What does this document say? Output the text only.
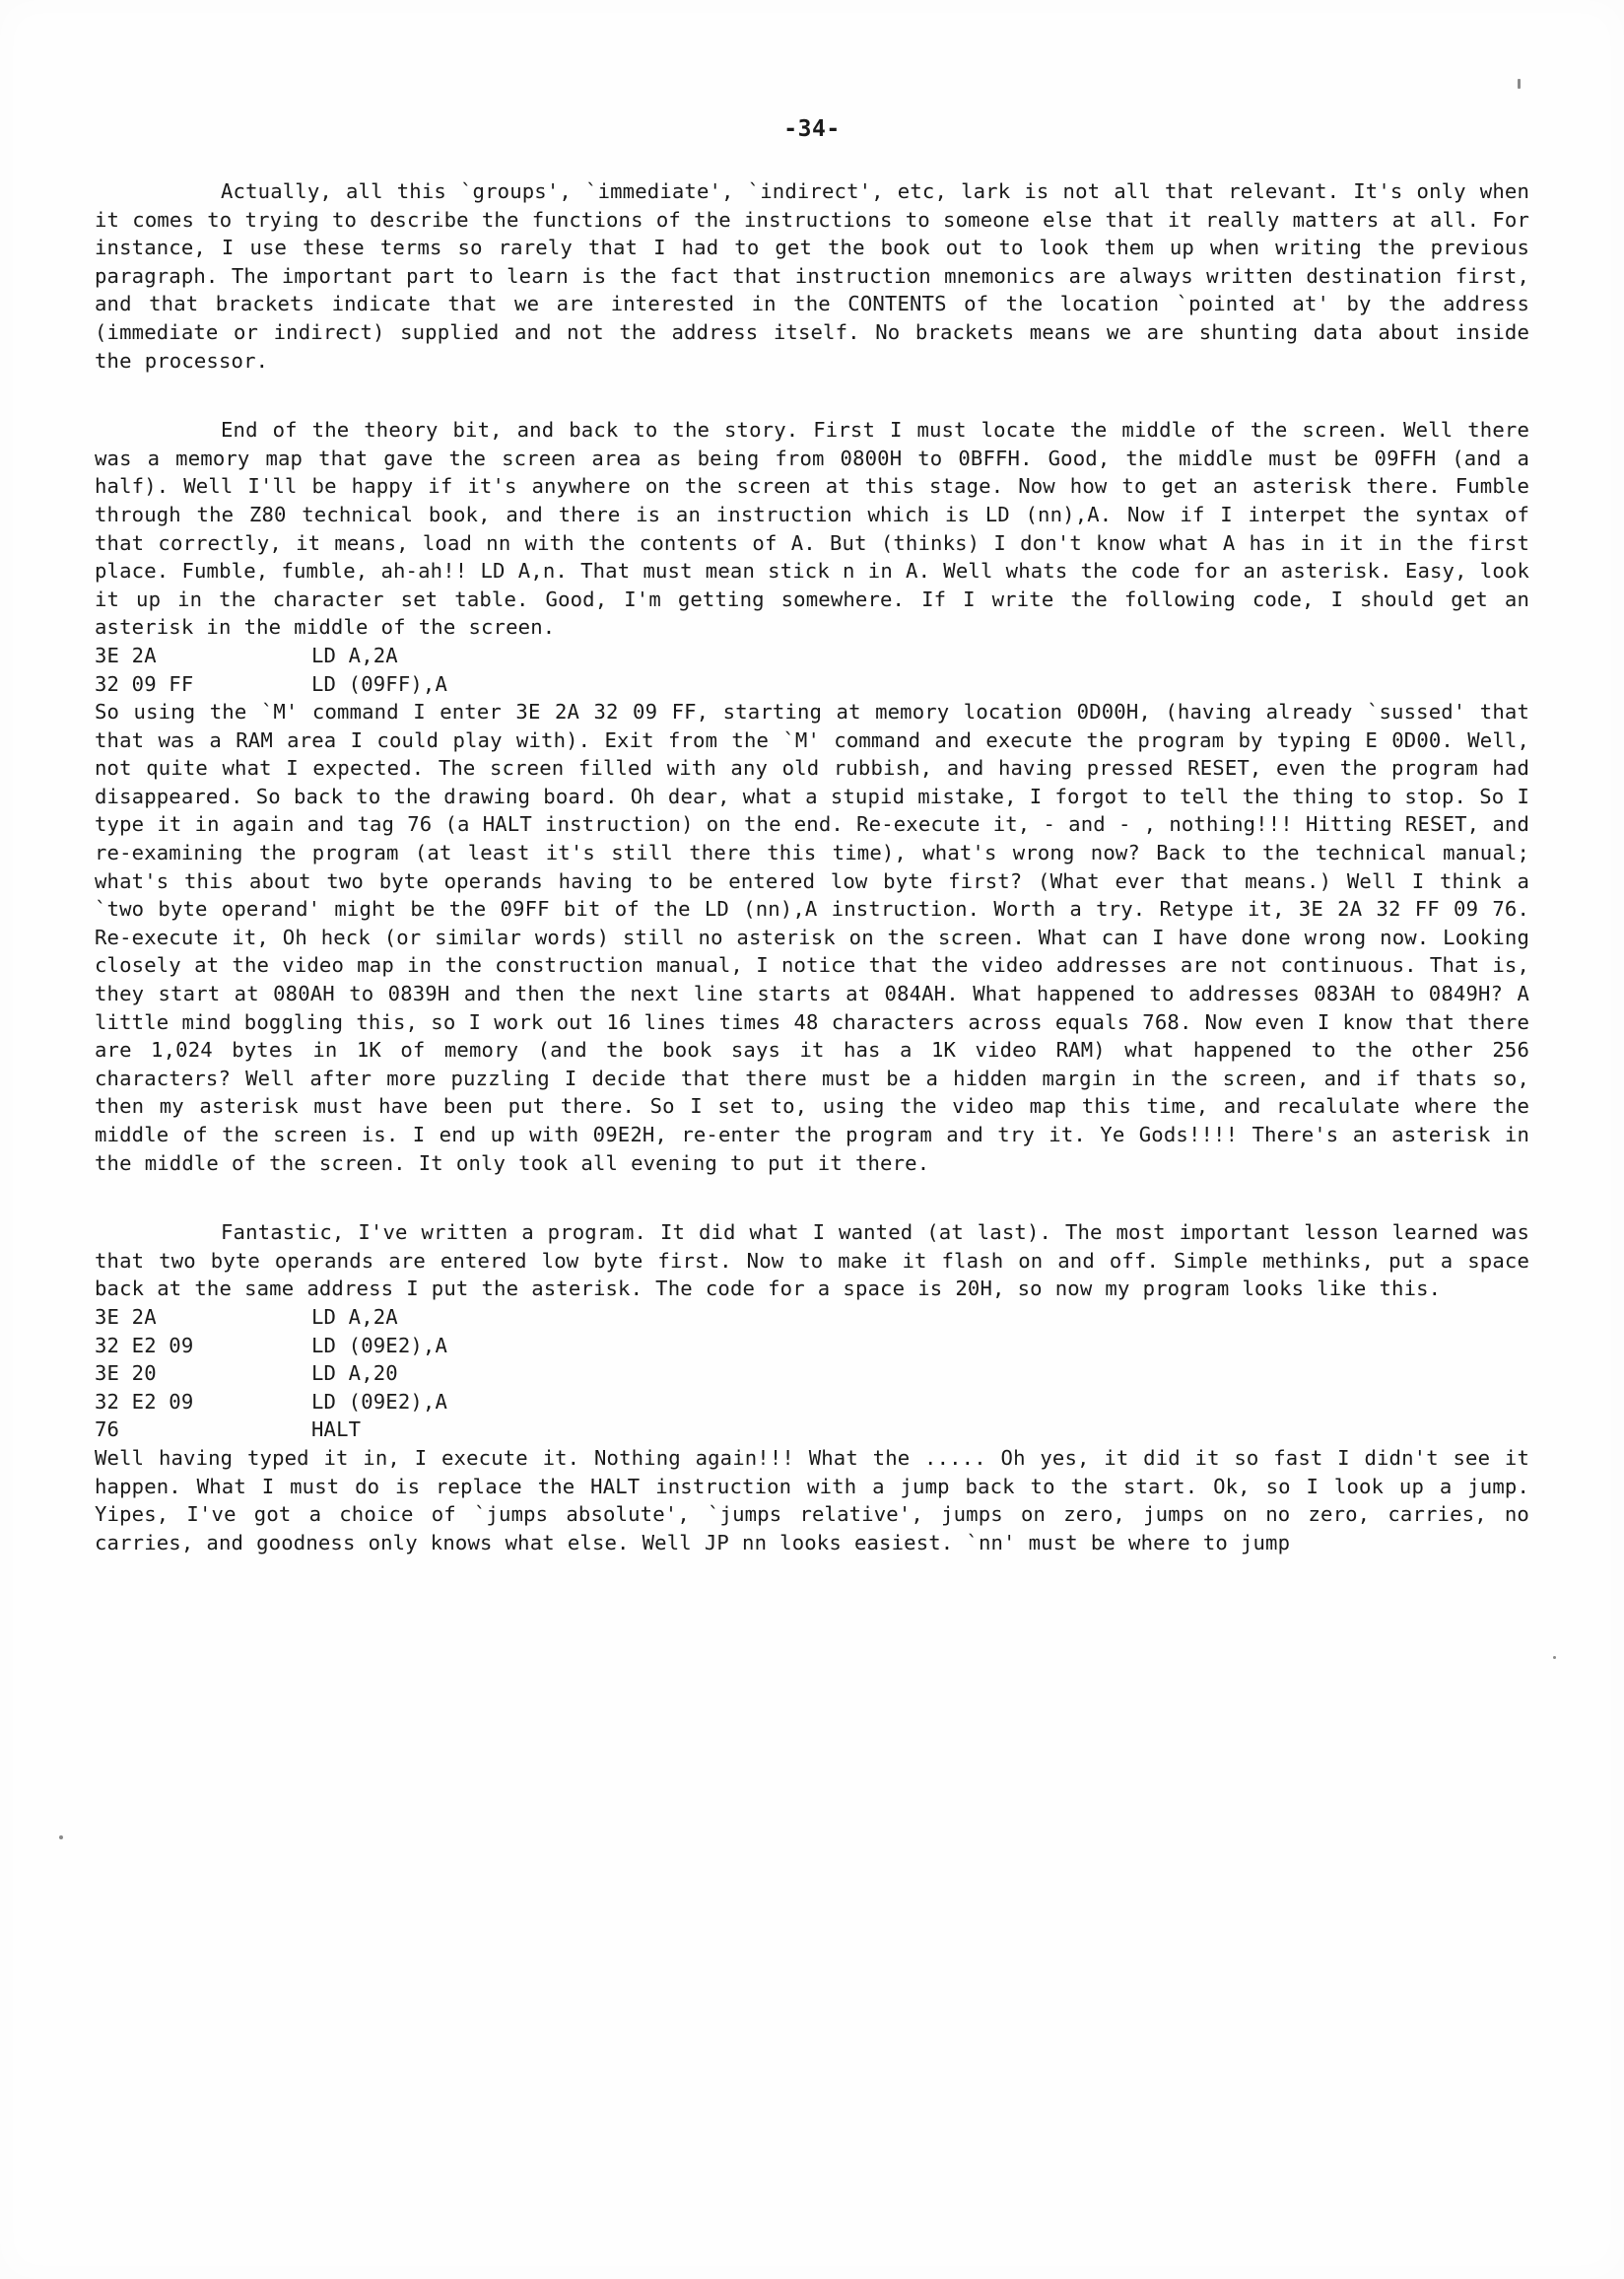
-34-

Actually, all this `groups', `immediate', `indirect', etc, lark is not all that relevant. It's only when it comes to trying to describe the functions of the instructions to someone else that it really matters at all. For instance, I use these terms so rarely that I had to get the book out to look them up when writing the previous paragraph. The important part to learn is the fact that instruction mnemonics are always written destination first, and that brackets indicate that we are interested in the CONTENTS of the location `pointed at' by the address (immediate or indirect) supplied and not the address itself. No brackets means we are shunting data about inside the processor.

End of the theory bit, and back to the story. First I must locate the middle of the screen. Well there was a memory map that gave the screen area as being from 0800H to 0BFFH. Good, the middle must be 09FFH (and a half). Well I'll be happy if it's anywhere on the screen at this stage. Now how to get an asterisk there. Fumble through the Z80 technical book, and there is an instruction which is LD (nn),A. Now if I interpet the syntax of that correctly, it means, load nn with the contents of A. But (thinks) I don't know what A has in it in the first place. Fumble, fumble, ah-ah!! LD A,n. That must mean stick n in A. Well whats the code for an asterisk. Easy, look it up in the character set table. Good, I'm getting somewhere. If I write the following code, I should get an asterisk in the middle of the screen.

3E 2A	LD A,2A
32 09 FF	LD (09FF),A

So using the `M' command I enter 3E 2A 32 09 FF, starting at memory location 0D00H, (having already `sussed' that that was a RAM area I could play with). Exit from the `M' command and execute the program by typing E 0D00. Well, not quite what I expected. The screen filled with any old rubbish, and having pressed RESET, even the program had disappeared. So back to the drawing board. Oh dear, what a stupid mistake, I forgot to tell the thing to stop. So I type it in again and tag 76 (a HALT instruction) on the end. Re-execute it, - and - , nothing!!! Hitting RESET, and re-examining the program (at least it's still there this time), what's wrong now? Back to the technical manual; what's this about two byte operands having to be entered low byte first? (What ever that means.) Well I think a `two byte operand' might be the 09FF bit of the LD (nn),A instruction. Worth a try. Retype it, 3E 2A 32 FF 09 76. Re-execute it, Oh heck (or similar words) still no asterisk on the screen. What can I have done wrong now. Looking closely at the video map in the construction manual, I notice that the video addresses are not continuous. That is, they start at 080AH to 0839H and then the next line starts at 084AH. What happened to addresses 083AH to 0849H? A little mind boggling this, so I work out 16 lines times 48 characters across equals 768. Now even I know that there are 1,024 bytes in 1K of memory (and the book says it has a 1K video RAM) what happened to the other 256 characters? Well after more puzzling I decide that there must be a hidden margin in the screen, and if thats so, then my asterisk must have been put there. So I set to, using the video map this time, and recalulate where the middle of the screen is. I end up with 09E2H, re-enter the program and try it. Ye Gods!!!! There's an asterisk in the middle of the screen. It only took all evening to put it there.

Fantastic, I've written a program. It did what I wanted (at last). The most important lesson learned was that two byte operands are entered low byte first. Now to make it flash on and off. Simple methinks, put a space back at the same address I put the asterisk. The code for a space is 20H, so now my program looks like this.

3E 2A	LD A,2A
32 E2 09	LD (09E2),A
3E 20	LD A,20
32 E2 09	LD (09E2),A
76	HALT

Well having typed it in, I execute it. Nothing again!!! What the ..... Oh yes, it did it so fast I didn't see it happen. What I must do is replace the HALT instruction with a jump back to the start. Ok, so I look up a jump. Yipes, I've got a choice of `jumps absolute', `jumps relative', jumps on zero, jumps on no zero, carries, no carries, and goodness only knows what else. Well JP nn looks easiest. `nn' must be where to jump
